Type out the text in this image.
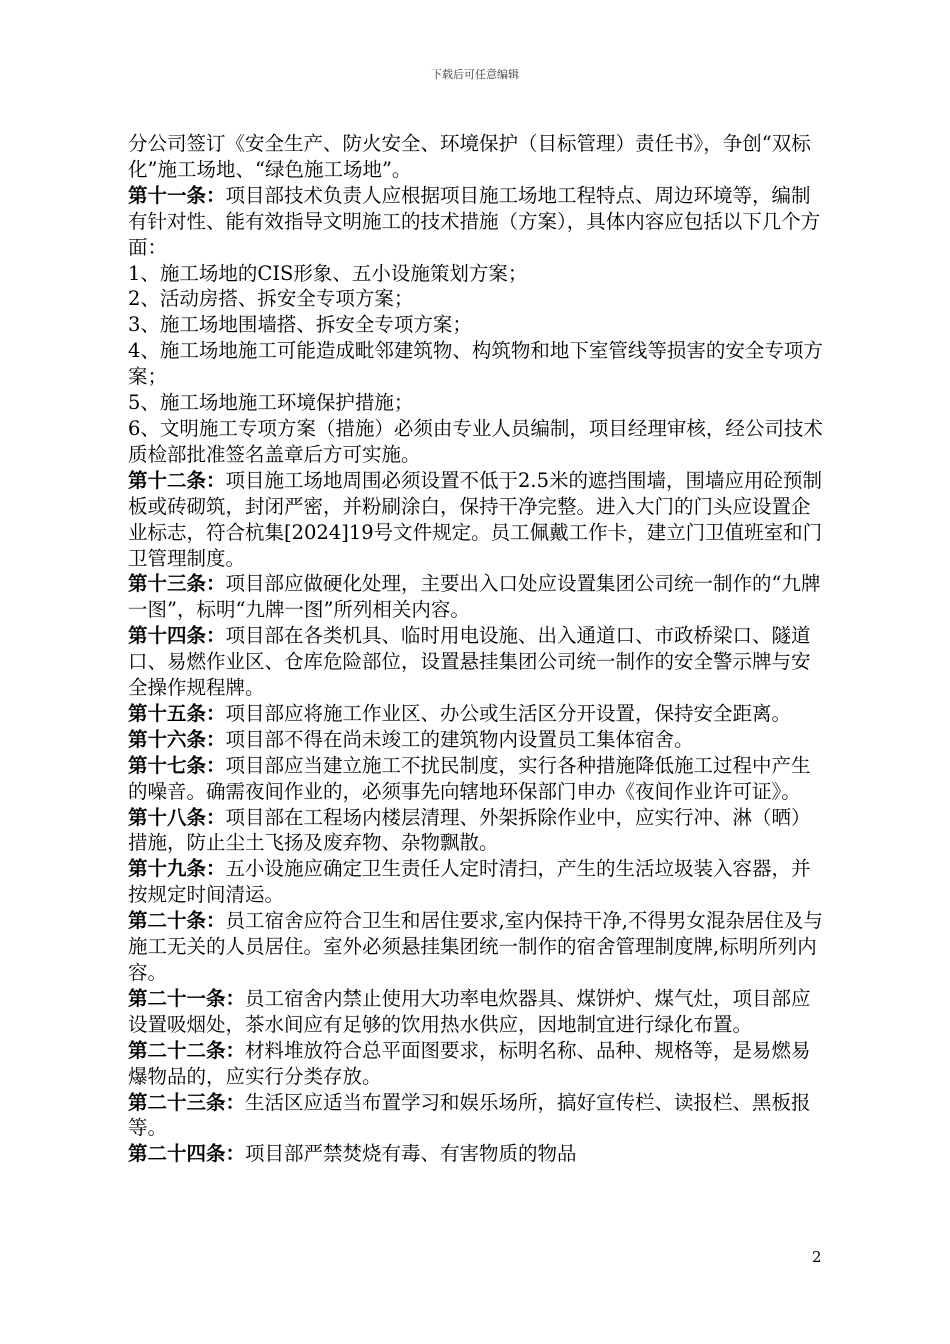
下载后可任意编辑

分公司签订《安全生产、防火安全、环境保护（目标管理）责任书》，争创“双标化”施工场地、“绿色施工场地”。

第十一条：项目部技术负责人应根据项目施工场地工程特点、周边环境等，编制有针对性、能有效指导文明施工的技术措施（方案），具体内容应包括以下几个方面：

1、施工场地的CIS形象、五小设施策划方案；

2、活动房搭、拆安全专项方案；

3、施工场地围墙搭、拆安全专项方案；

4、施工场地施工可能造成毗邻建筑物、构筑物和地下室管线等损害的安全专项方案；

5、施工场地施工环境保护措施；

6、文明施工专项方案（措施）必须由专业人员编制，项目经理审核，经公司技术质检部批准签名盖章后方可实施。

第十二条：项目施工场地周围必须设置不低于2.5米的遮挡围墙，围墙应用砼预制板或砖砌筑，封闭严密，并粉刷涂白，保持干净完整。进入大门的门头应设置企业标志，符合杭集[2024]19号文件规定。员工佩戴工作卡，建立门卫值班室和门卫管理制度。

第十三条：项目部应做硬化处理，主要出入口处应设置集团公司统一制作的“九牌一图”，标明“九牌一图”所列相关内容。

第十四条：项目部在各类机具、临时用电设施、出入通道口、市政桥梁口、隧道口、易燃作业区、仓库危险部位，设置悬挂集团公司统一制作的安全警示牌与安全操作规程牌。

第十五条：项目部应将施工作业区、办公或生活区分开设置，保持安全距离。

第十六条：项目部不得在尚未竣工的建筑物内设置员工集体宿舍。

第十七条：项目部应当建立施工不扰民制度，实行各种措施降低施工过程中产生的噪音。确需夜间作业的，必须事先向辖地环保部门申办《夜间作业许可证》。

第十八条：项目部在工程场内楼层清理、外架拆除作业中，应实行冲、淋（晒）措施，防止尘土飞扬及废弃物、杂物飘散。

第十九条：五小设施应确定卫生责任人定时清扫，产生的生活垃圾装入容器，并按规定时间清运。

第二十条：员工宿舍应符合卫生和居住要求,室内保持干净,不得男女混杂居住及与施工无关的人员居住。室外必须悬挂集团统一制作的宿舍管理制度牌,标明所列内容。

第二十一条：员工宿舍内禁止使用大功率电炊器具、煤饼炉、煤气灶，项目部应设置吸烟处，茶水间应有足够的饮用热水供应，因地制宜进行绿化布置。

第二十二条：材料堆放符合总平面图要求，标明名称、品种、规格等，是易燃易爆物品的，应实行分类存放。

第二十三条：生活区应适当布置学习和娱乐场所，搞好宣传栏、读报栏、黑板报等。

第二十四条：项目部严禁焚烧有毒、有害物质的物品

2
